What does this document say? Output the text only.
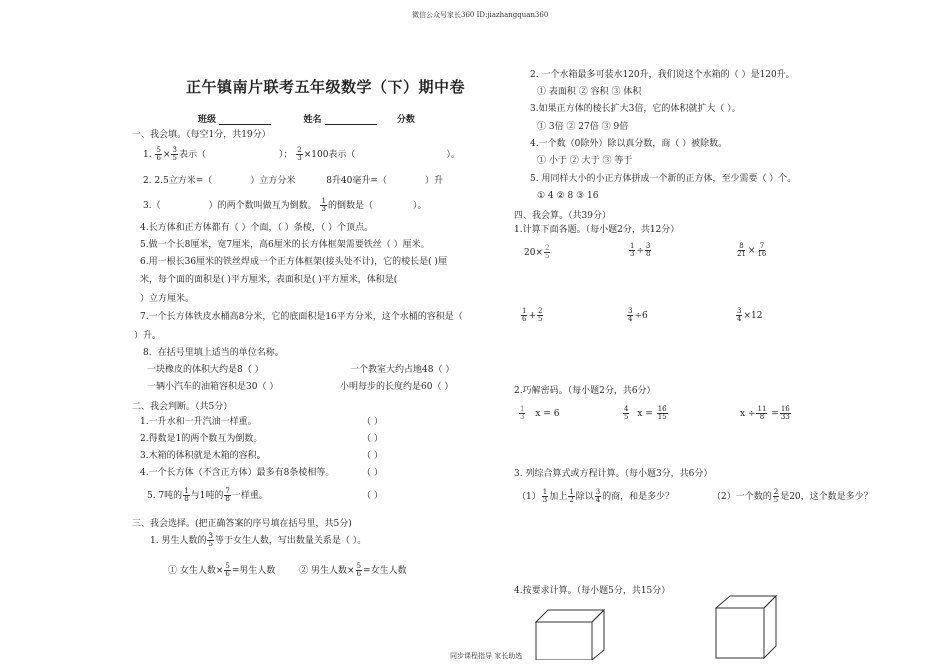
微信公众号家长360 ID:jiazhangquan360
同步课程指导 家长助选
正午镇南片联考五年级数学（下）期中卷
班级	姓名	分数
一、我会填。（每空1分，共19分）
1. $\frac{5}{6} \times \frac{3}{5}$ 表示（	）； $\frac{2}{3} \times 100$表示（	）。
2. 2.5立方米=（	）立方分米	8升40毫升=（	）升
3.（	）的两个数叫做互为倒数。 $\frac{1}{3}$ 的倒数是（	）。
4.长方体和正方体都有（ ）个面，（ ）条棱，（ ）个顶点。
5.做一个长8厘米，宽7厘米，高6厘米的长方体框架需要铁丝（ ）厘米。
6.用一根长36厘米的铁丝焊成一个正方体框架(接头处不计)，它的棱长是( )厘
米，每个面的面积是( )平方厘米，表面积是( )平方厘米，体积是(
）立方厘米。
7.一个长方体铁皮水桶高8分米，它的底面积是16平方分米，这个水桶的容积是（
）升。
8．在括号里填上适当的单位名称。
一块橡皮的体积大约是8（ ）	一个教室大约占地48（ ）
一辆小汽车的油箱容积是30（ ）	小明每步的长度约是60（ ）
二、我会判断。（共5分）
1.一升水和一升汽油一样重。	（ ）
2.得数是1的两个数互为倒数。	（ ）
3.木箱的体积就是木箱的容积。	（ ）
4.一个长方体（不含正方体）最多有8条棱相等。	（ ）
5. 7吨的 $\frac{1}{8}$ 与1吨的 $\frac{7}{8}$ 一样重。	（ ）
三、我会选择。(把正确答案的序号填在括号里，共5分)
1. 男生人数的 $\frac{3}{5}$ 等于女生人数，写出数量关系是（ ）。
① 女生人数× $\frac{5}{6}$ =男生人数	② 男生人数× $\frac{5}{6}$ =女生人数
2. 一个水箱最多可装水120升，我们说这个水箱的（ ）是120升。
① 表面积 ② 容积 ③ 体积
3.如果正方体的棱长扩大3倍，它的体积就扩大（ ）。
① 3倍 ② 27倍 ③ 9倍
4.一个数（0除外）除以真分数，商（ ）被除数。
① 小于 ② 大于 ③ 等于
5. 用同样大小的小正方体拼成一个新的正方体，至少需要（ ）个。
① 4 ② 8 ③ 16
四、我会算。（共39分）
1.计算下面各题。（每小题2分，共12分）
$20\times \frac{2}{5}$	$\frac{1}{3} \div \frac{3}{8}$	$\frac{8}{21} \times \frac{7}{16}$
$\frac{1}{6} + \frac{2}{5}$	$\frac{3}{4} \div 6$	$\frac{3}{4} \times 12$
2.巧解密码。（每小题2分，共6分）
$\frac{1}{3}$ x = 6	$\frac{4}{5}$ $x = \frac{16}{15}$	$x \div \frac{11}{8} = \frac{16}{33}$
3. 列综合算式或方程计算。（每小题3分，共6分）
$(1) \frac{1}{3}$ 加上 $\frac{1}{2}$ 除以 $\frac{3}{4}$ 的商，和是多少？	（2）一个数的 $\frac{2}{5}$ 是20，这个数是多少？
4.按要求计算。（每小题5分，共15分）
